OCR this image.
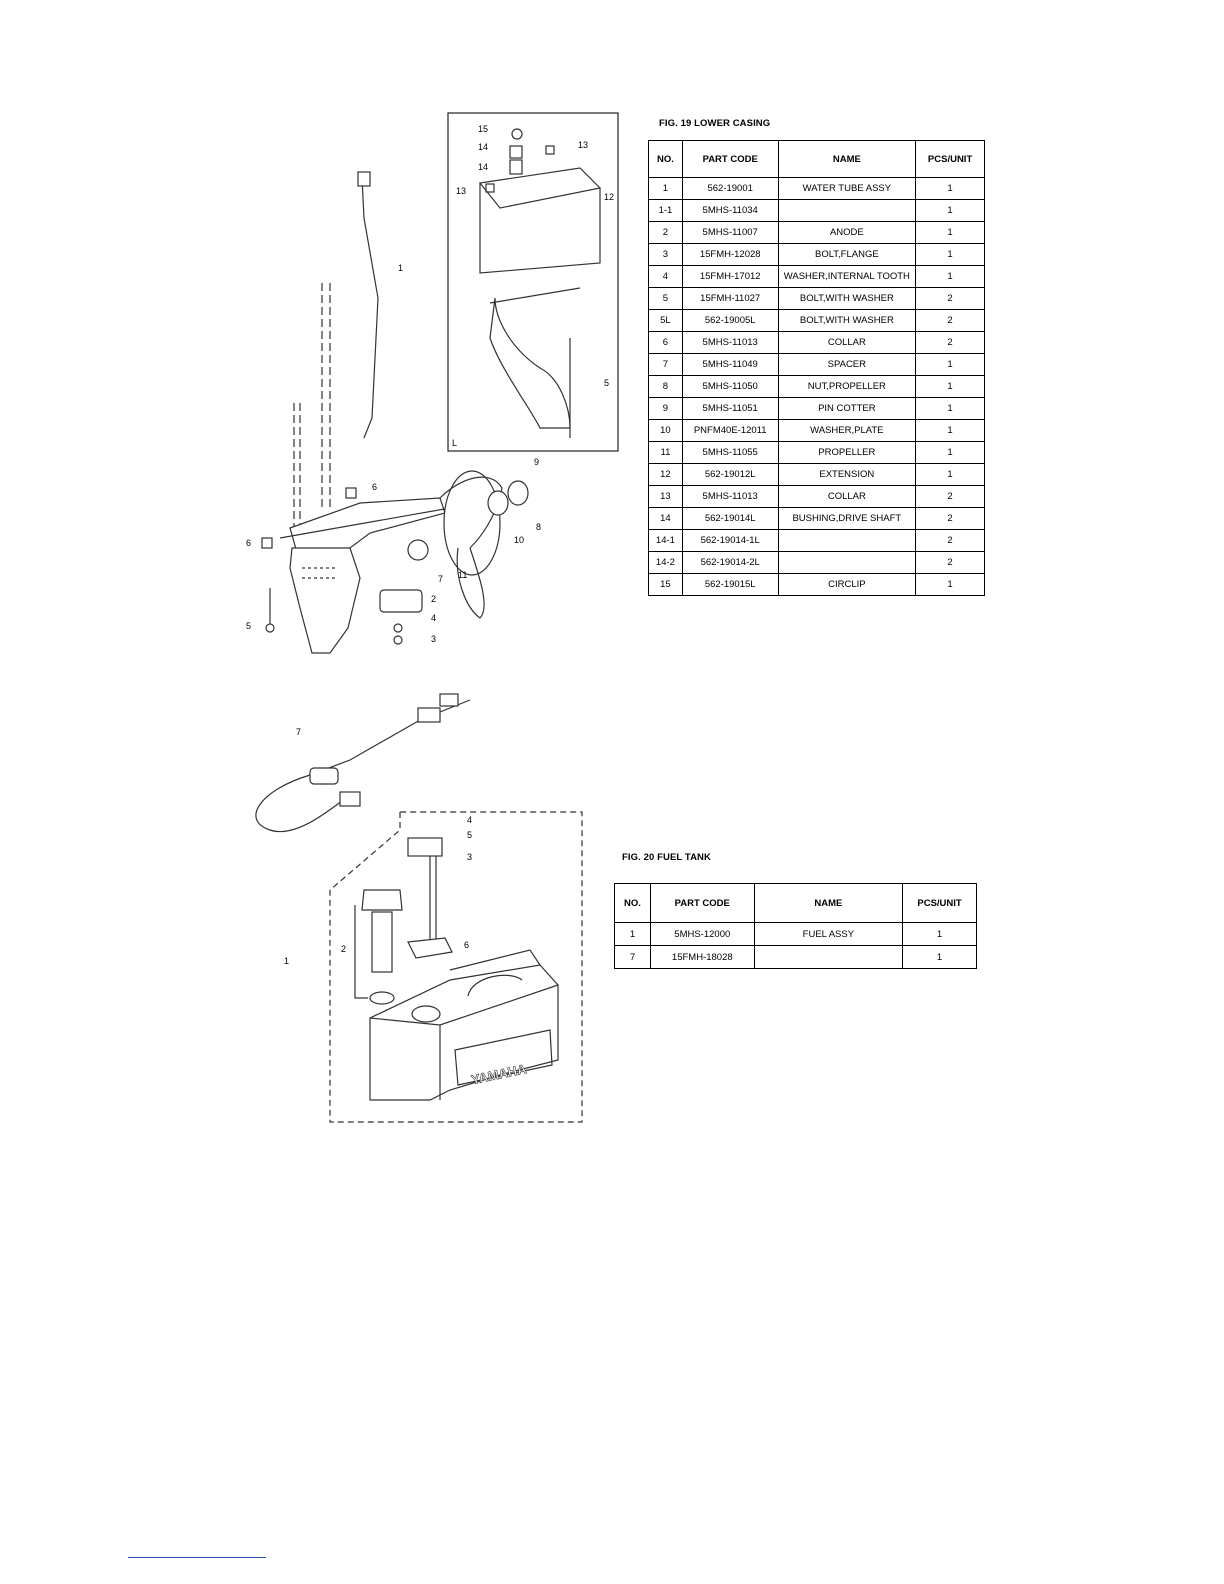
1
2
3
4
5
6
6
7
8
9
10
11
15
14
14
13
13
12
5
L
YAMAHA
7
4
5
3
2
1
6
FIG. 19 LOWER CASING
NO.	PART CODE	NAME	PCS/UNIT
1	562-19001	WATER TUBE ASSY	1
1-1	5MHS-11034		1
2	5MHS-11007	ANODE	1
3	15FMH-12028	BOLT,FLANGE	1
4	15FMH-17012	WASHER,INTERNAL TOOTH	1
5	15FMH-11027	BOLT,WITH WASHER	2
5L	562-19005L	BOLT,WITH WASHER	2
6	5MHS-11013	COLLAR	2
7	5MHS-11049	SPACER	1
8	5MHS-11050	NUT,PROPELLER	1
9	5MHS-11051	PIN COTTER	1
10	PNFM40E-12011	WASHER,PLATE	1
11	5MHS-11055	PROPELLER	1
12	562-19012L	EXTENSION	1
13	5MHS-11013	COLLAR	2
14	562-19014L	BUSHING,DRIVE SHAFT	2
14-1	562-19014-1L		2
14-2	562-19014-2L		2
15	562-19015L	CIRCLIP	1
FIG. 20 FUEL TANK
NO.	PART CODE	NAME	PCS/UNIT
1	5MHS-12000	FUEL ASSY	1
7	15FMH-18028		1
